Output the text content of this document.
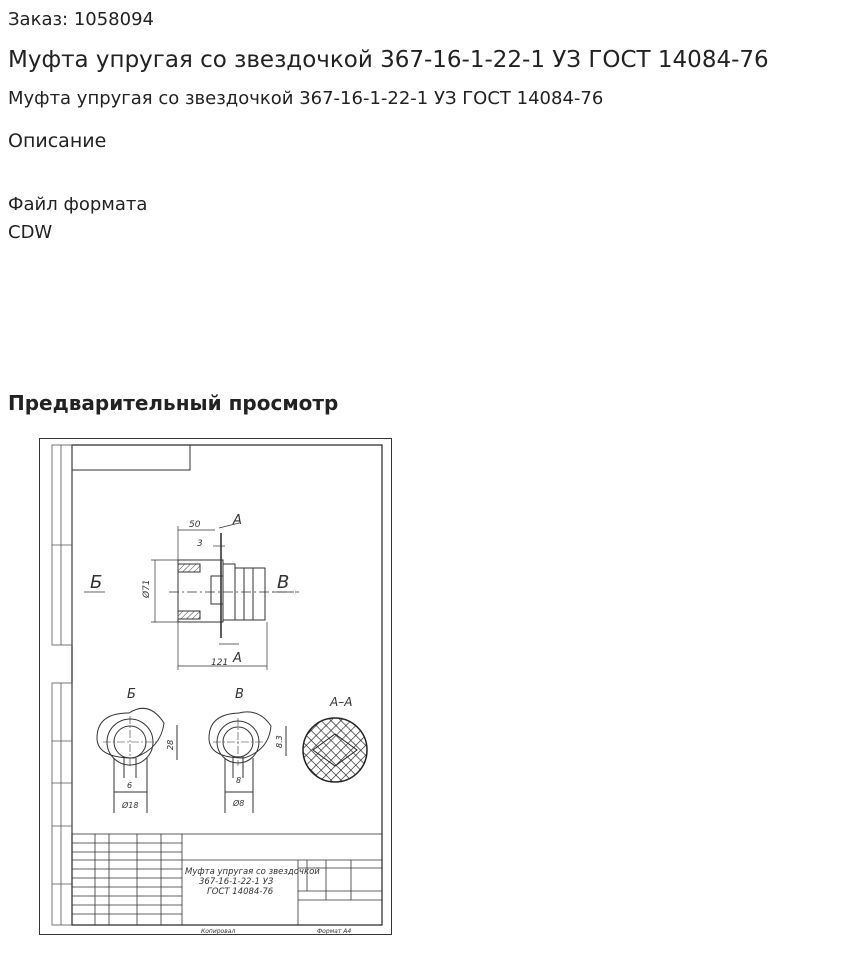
Заказ: 1058094
Муфта упругая со звездочкой 367-16-1-22-1 УЗ ГОСТ 14084-76
Муфта упругая со звездочкой 367-16-1-22-1 УЗ ГОСТ 14084-76
Описание
Файл формата
CDW
Предварительный просмотр
50
3
121
Ø71
А
А
Б	В
Б
28
Ø18
6
В
8.3
Ø8
8
А–А
Муфта упругая со звездочкой
367-16-1-22-1 УЗ
ГОСТ 14084-76
Копировал	Формат А4
